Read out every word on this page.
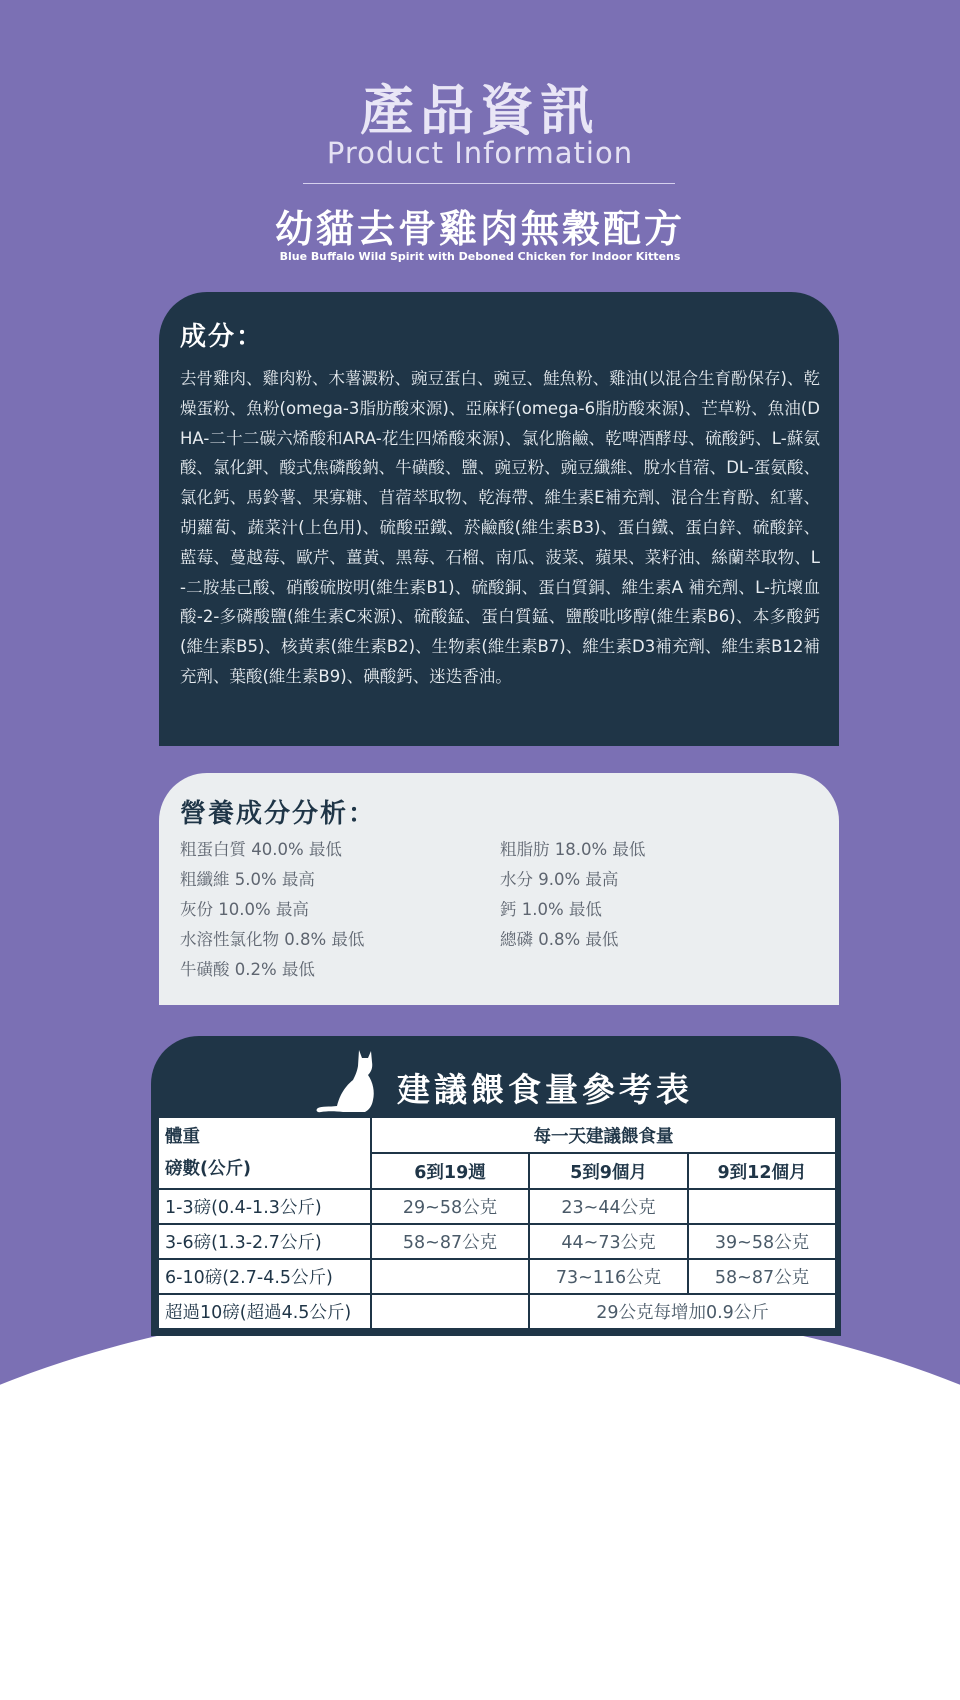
產品資訊
Product Information
幼貓去骨雞肉無穀配方
Blue Buffalo Wild Spirit with Deboned Chicken for Indoor Kittens
成分：
去骨雞肉、雞肉粉、木薯澱粉、豌豆蛋白、豌豆、鮭魚粉、雞油(以混合生育酚保存)、乾燥蛋粉、魚粉(omega-3脂肪酸來源)、亞麻籽(omega-6脂肪酸來源)、芒草粉、魚油(DHA-二十二碳六烯酸和ARA-花生四烯酸來源)、氯化膽鹼、乾啤酒酵母、硫酸鈣、L-蘇氨酸、氯化鉀、酸式焦磷酸鈉、牛磺酸、鹽、豌豆粉、豌豆纖維、脫水苜蓿、DL-蛋氨酸、氯化鈣、馬鈴薯、果寡糖、苜蓿萃取物、乾海帶、維生素E補充劑、混合生育酚、紅薯、胡蘿蔔、蔬菜汁(上色用)、硫酸亞鐵、菸鹼酸(維生素B3)、蛋白鐵、蛋白鋅、硫酸鋅、藍莓、蔓越莓、歐芹、薑黃、黑莓、石榴、南瓜、菠菜、蘋果、菜籽油、絲蘭萃取物、L-二胺基己酸、硝酸硫胺明(維生素B1)、硫酸銅、蛋白質銅、維生素A 補充劑、L-抗壞血酸-2-多磷酸鹽(維生素C來源)、硫酸錳、蛋白質錳、鹽酸吡哆醇(維生素B6)、本多酸鈣(維生素B5)、核黃素(維生素B2)、生物素(維生素B7)、維生素D3補充劑、維生素B12補充劑、葉酸(維生素B9)、碘酸鈣、迷迭香油。
營養成分分析：
粗蛋白質 40.0% 最低
粗纖維 5.0% 最高
灰份 10.0% 最高
水溶性氯化物 0.8% 最低
牛磺酸 0.2% 最低
粗脂肪 18.0% 最低
水分 9.0% 最高
鈣 1.0% 最低
總磷 0.8% 最低
建議餵食量參考表
體重
磅數(公斤)	每一天建議餵食量		
	6到19週	5到9個月	9到12個月
1-3磅(0.4-1.3公斤)	29~58公克	23~44公克	
3-6磅(1.3-2.7公斤)	58~87公克	44~73公克	39~58公克
6-10磅(2.7-4.5公斤)		73~116公克	58~87公克
超過10磅(超過4.5公斤)		29公克每增加0.9公斤	
